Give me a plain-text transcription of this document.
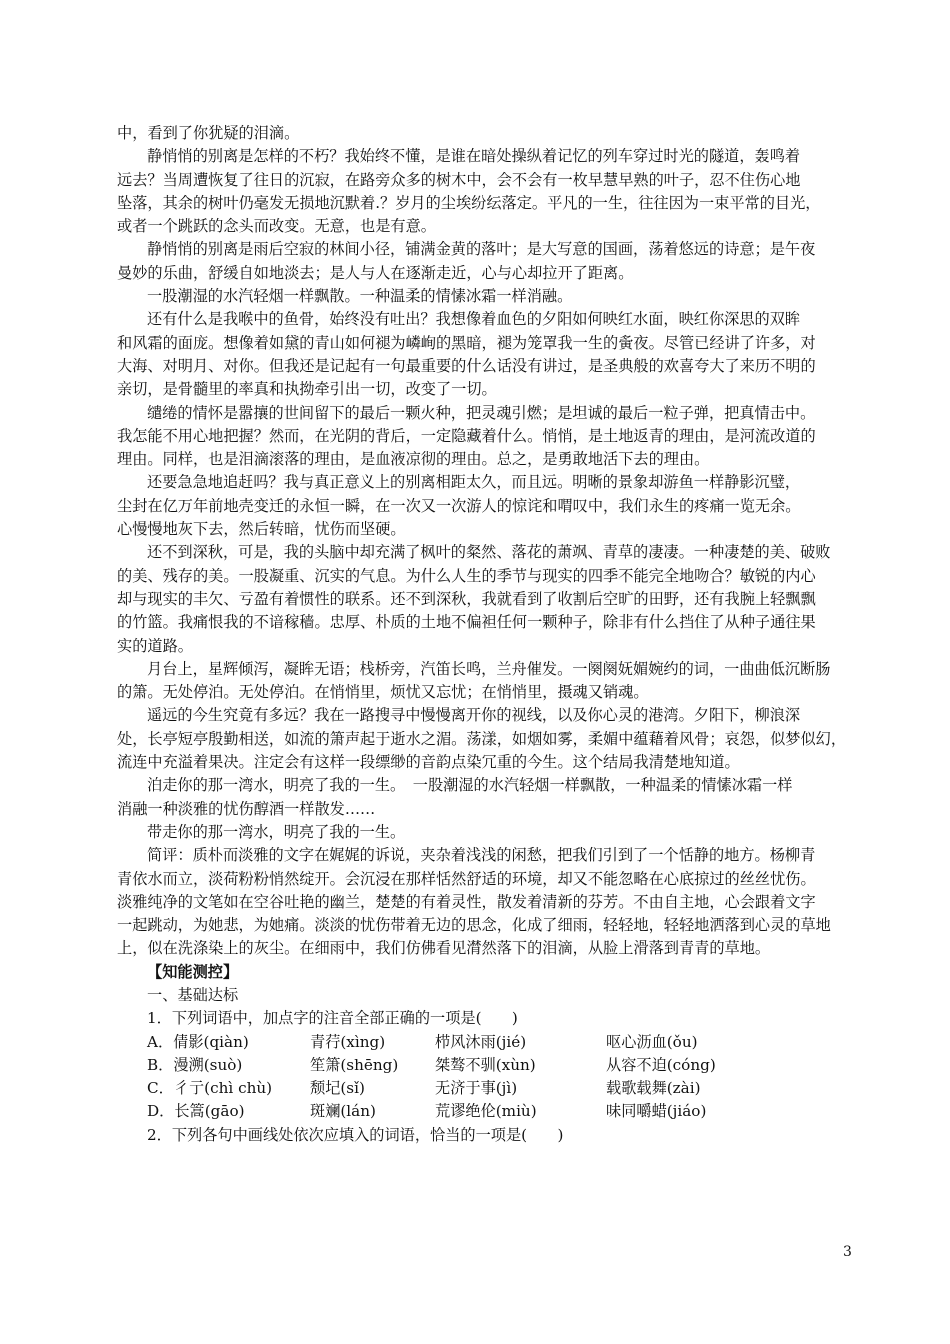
中，看到了你犹疑的泪滴。
静悄悄的别离是怎样的不朽？我始终不懂，是谁在暗处操纵着记忆的列车穿过时光的隧道，轰鸣着
远去？当周遭恢复了往日的沉寂，在路旁众多的树木中，会不会有一枚早慧早熟的叶子，忍不住伤心地
坠落，其余的树叶仍毫发无损地沉默着.？岁月的尘埃纷纭落定。平凡的一生，往往因为一束平常的目光，
或者一个跳跃的念头而改变。无意，也是有意。
静悄悄的别离是雨后空寂的林间小径，铺满金黄的落叶；是大写意的国画，荡着悠远的诗意；是午夜
曼妙的乐曲，舒缓自如地淡去；是人与人在逐渐走近，心与心却拉开了距离。
一股潮湿的水汽轻烟一样飘散。一种温柔的情愫冰霜一样消融。
还有什么是我喉中的鱼骨，始终没有吐出？我想像着血色的夕阳如何映红水面，映红你深思的双眸
和风霜的面庞。想像着如黛的青山如何褪为嶙峋的黑暗，褪为笼罩我一生的夤夜。尽管已经讲了许多，对
大海、对明月、对你。但我还是记起有一句最重要的什么话没有讲过，是圣典般的欢喜夸大了来历不明的
亲切，是骨髓里的率真和执拗牵引出一切，改变了一切。
缱绻的情怀是嚣攘的世间留下的最后一颗火种，把灵魂引燃；是坦诚的最后一粒子弹，把真情击中。
我怎能不用心地把握？然而，在光阴的背后，一定隐藏着什么。悄悄，是土地返青的理由，是河流改道的
理由。同样，也是泪滴滚落的理由，是血液凉彻的理由。总之，是勇敢地活下去的理由。
还要急急地追赶吗？我与真正意义上的别离相距太久，而且远。明晰的景象却游鱼一样静影沉璧，
尘封在亿万年前地壳变迁的永恒一瞬，在一次又一次游人的惊诧和喟叹中，我们永生的疼痛一览无余。
心慢慢地灰下去，然后转暗，忧伤而坚硬。
还不到深秋，可是，我的头脑中却充满了枫叶的粲然、落花的萧飒、青草的凄凄。一种凄楚的美、破败
的美、残存的美。一股凝重、沉实的气息。为什么人生的季节与现实的四季不能完全地吻合？敏锐的内心
却与现实的丰欠、亏盈有着惯性的联系。还不到深秋，我就看到了收割后空旷的田野，还有我腕上轻飘飘
的竹篮。我痛恨我的不谙稼穑。忠厚、朴质的土地不偏袒任何一颗种子，除非有什么挡住了从种子通往果
实的道路。
月台上，星辉倾泻，凝眸无语；栈桥旁，汽笛长鸣，兰舟催发。一阕阕妩媚婉约的词，一曲曲低沉断肠
的箫。无处停泊。无处停泊。在悄悄里，烦忧又忘忧；在悄悄里，摄魂又销魂。
遥远的今生究竟有多远？我在一路搜寻中慢慢离开你的视线，以及你心灵的港湾。夕阳下，柳浪深
处，长亭短亭殷勤相送，如流的箫声起于逝水之湄。荡漾，如烟如雾，柔媚中蕴藉着风骨；哀怨，似梦似幻，
流连中充溢着果决。注定会有这样一段缥缈的音韵点染冗重的今生。这个结局我清楚地知道。
泊走你的那一湾水，明亮了我的一生。　一股潮湿的水汽轻烟一样飘散，一种温柔的情愫冰霜一样
消融一种淡雅的忧伤醇酒一样散发……
带走你的那一湾水，明亮了我的一生。
简评：质朴而淡雅的文字在娓娓的诉说，夹杂着浅浅的闲愁，把我们引到了一个恬静的地方。杨柳青
青依水而立，淡荷粉粉悄然绽开。会沉浸在那样恬然舒适的环境，却又不能忽略在心底掠过的丝丝忧伤。
淡雅纯净的文笔如在空谷吐艳的幽兰，楚楚的有着灵性，散发着清新的芬芳。不由自主地，心会跟着文字
一起跳动，为她悲，为她痛。淡淡的忧伤带着无边的思念，化成了细雨，轻轻地，轻轻地洒落到心灵的草地
上，似在洗涤染上的灰尘。在细雨中，我们仿佛看见潸然落下的泪滴，从脸上滑落到青青的草地。
【知能测控】
一、基础达标
1．下列词语中，加点字的注音全部正确的一项是(　　)
A．倩影(qiàn)	青荇(xìng)	栉风沐雨(jié)	呕心沥血(ǒu)
B．漫溯(suò)	笙箫(shēng)	桀骜不驯(xùn)	从容不迫(cóng)
C．彳亍(chì chù)	颓圮(sǐ)	无济于事(jì)	载歌载舞(zài)
D．长篙(gāo)	斑斓(lán)	荒谬绝伦(miù)	味同嚼蜡(jiáo)
2．下列各句中画线处依次应填入的词语，恰当的一项是(　　)
3
